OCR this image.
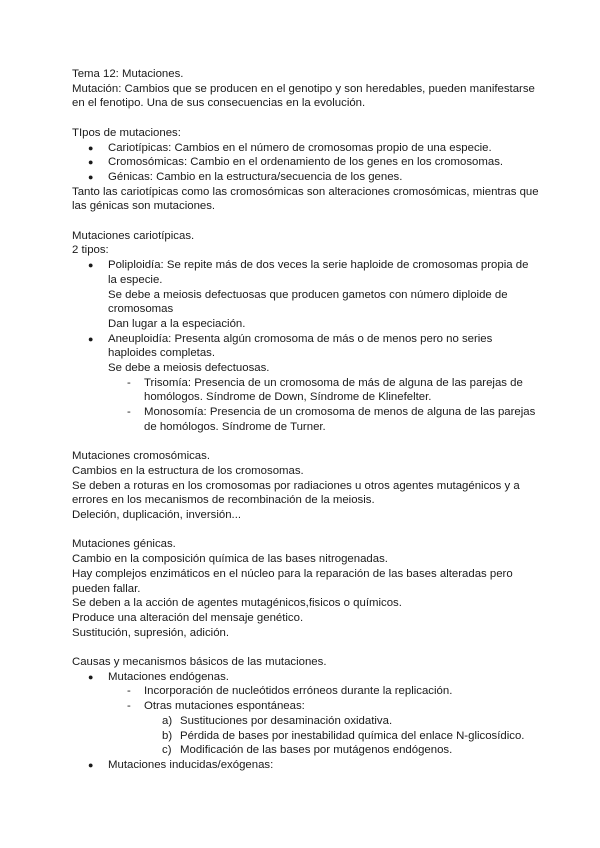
Tema 12: Mutaciones.
Mutación: Cambios que se producen en el genotipo y son heredables, pueden manifestarse
en el fenotipo. Una de sus consecuencias en la evolución.
TIpos de mutaciones:
● Cariotípicas: Cambios en el número de cromosomas propio de una especie.
● Cromosómicas: Cambio en el ordenamiento de los genes en los cromosomas.
● Génicas: Cambio en la estructura/secuencia de los genes.
Tanto las cariotípicas como las cromosómicas son alteraciones cromosómicas, mientras que
las génicas son mutaciones.
Mutaciones cariotípicas.
2 tipos:
● Poliploidía: Se repite más de dos veces la serie haploide de cromosomas propia de
la especie.
Se debe a meiosis defectuosas que producen gametos con número diploide de
cromosomas
Dan lugar a la especiación.
● Aneuploidía: Presenta algún cromosoma de más o de menos pero no series
haploides completas.
Se debe a meiosis defectuosas.
- Trisomía: Presencia de un cromosoma de más de alguna de las parejas de
homólogos. Síndrome de Down, Síndrome de Klinefelter.
- Monosomía: Presencia de un cromosoma de menos de alguna de las parejas
de homólogos. Síndrome de Turner.
Mutaciones cromosómicas.
Cambios en la estructura de los cromosomas.
Se deben a roturas en los cromosomas por radiaciones u otros agentes mutagénicos y a
errores en los mecanismos de recombinación de la meiosis.
Deleción, duplicación, inversión...
Mutaciones génicas.
Cambio en la composición química de las bases nitrogenadas.
Hay complejos enzimáticos en el núcleo para la reparación de las bases alteradas pero
pueden fallar.
Se deben a la acción de agentes mutagénicos,fisicos o químicos.
Produce una alteración del mensaje genético.
Sustitución, supresión, adición.
Causas y mecanismos básicos de las mutaciones.
● Mutaciones endógenas.
- Incorporación de nucleótidos erróneos durante la replicación.
- Otras mutaciones espontáneas:
a) Sustituciones por desaminación oxidativa.
b) Pérdida de bases por inestabilidad química del enlace N-glicosídico.
c) Modificación de las bases por mutágenos endógenos.
● Mutaciones inducidas/exógenas:
